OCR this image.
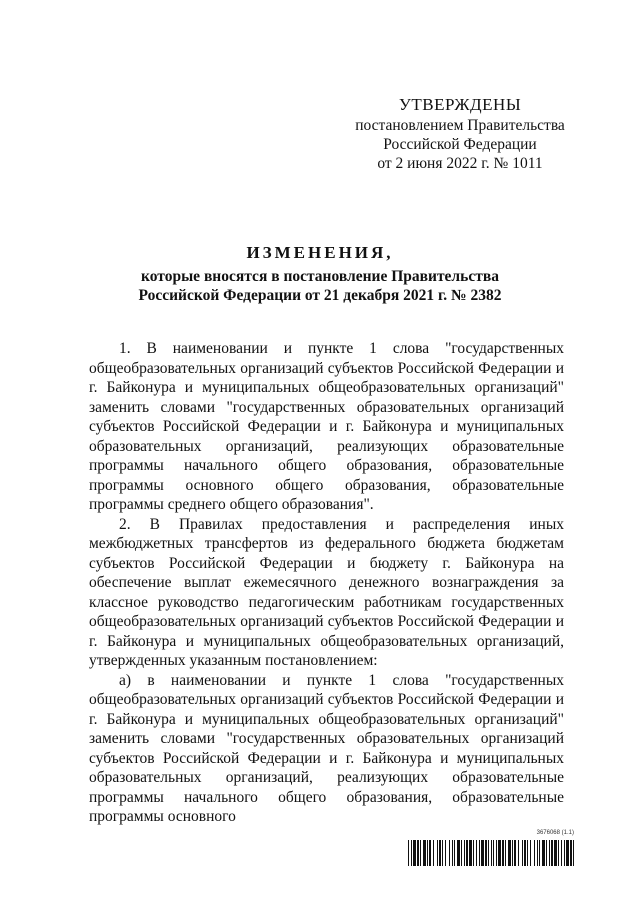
УТВЕРЖДЕНЫ
постановлением Правительства
Российской Федерации
от 2 июня 2022 г. № 1011
ИЗМЕНЕНИЯ,
которые вносятся в постановление Правительства
Российской Федерации от 21 декабря 2021 г. № 2382

1. В наименовании и пункте 1 слова "государственных общеобразовательных организаций субъектов Российской Федерации и г. Байконура и муниципальных общеобразовательных организаций" заменить словами "государственных образовательных организаций субъектов Российской Федерации и г. Байконура и муниципальных образовательных организаций, реализующих образовательные программы начального общего образования, образовательные программы основного общего образования, образовательные программы среднего общего образования".

2. В Правилах предоставления и распределения иных межбюджетных трансфертов из федерального бюджета бюджетам субъектов Российской Федерации и бюджету г. Байконура на обеспечение выплат ежемесячного денежного вознаграждения за классное руководство педагогическим работникам государственных общеобразовательных организаций субъектов Российской Федерации и г. Байконура и муниципальных общеобразовательных организаций, утвержденных указанным постановлением:

а) в наименовании и пункте 1 слова "государственных общеобразовательных организаций субъектов Российской Федерации и г. Байконура и муниципальных общеобразовательных организаций" заменить словами "государственных образовательных организаций субъектов Российской Федерации и г. Байконура и муниципальных образовательных организаций, реализующих образовательные программы начального общего образования, образовательные программы основного

3676068 (1.1)
